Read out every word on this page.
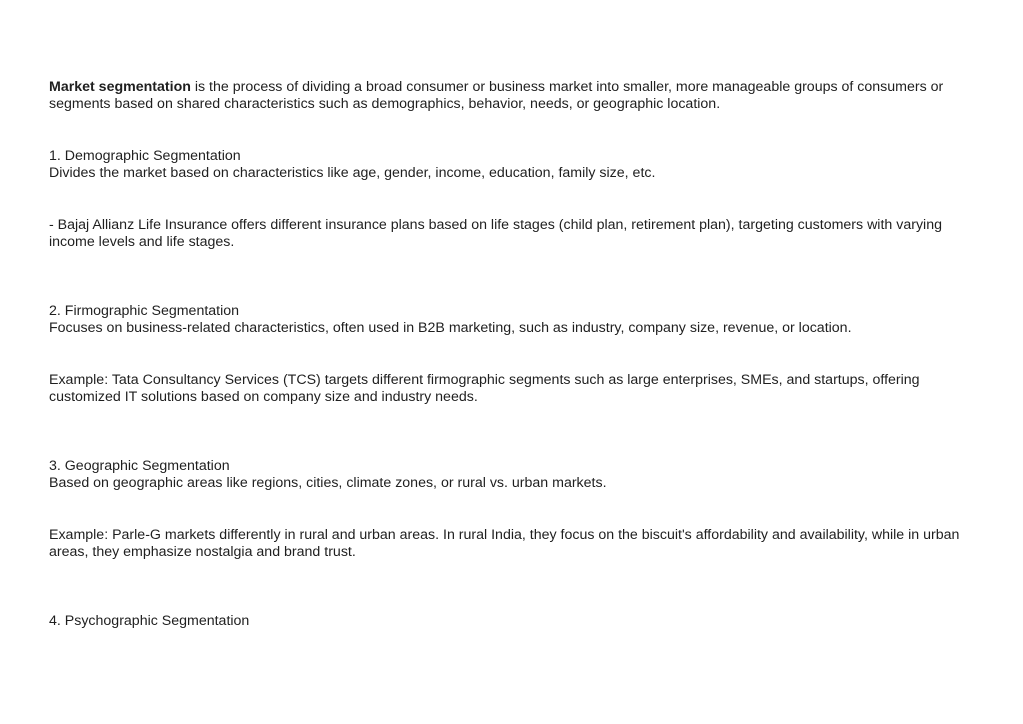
Market segmentation is the process of dividing a broad consumer or business market into smaller, more manageable groups of consumers or segments based on shared characteristics such as demographics, behavior, needs, or geographic location.

1. Demographic Segmentation
Divides the market based on characteristics like age, gender, income, education, family size, etc.

- Bajaj Allianz Life Insurance offers different insurance plans based on life stages (child plan, retirement plan), targeting customers with varying income levels and life stages.

2. Firmographic Segmentation
Focuses on business-related characteristics, often used in B2B marketing, such as industry, company size, revenue, or location.

Example: Tata Consultancy Services (TCS) targets different firmographic segments such as large enterprises, SMEs, and startups, offering customized IT solutions based on company size and industry needs.

3. Geographic Segmentation
Based on geographic areas like regions, cities, climate zones, or rural vs. urban markets.

Example: Parle-G markets differently in rural and urban areas. In rural India, they focus on the biscuit's affordability and availability, while in urban areas, they emphasize nostalgia and brand trust.

4. Psychographic Segmentation
